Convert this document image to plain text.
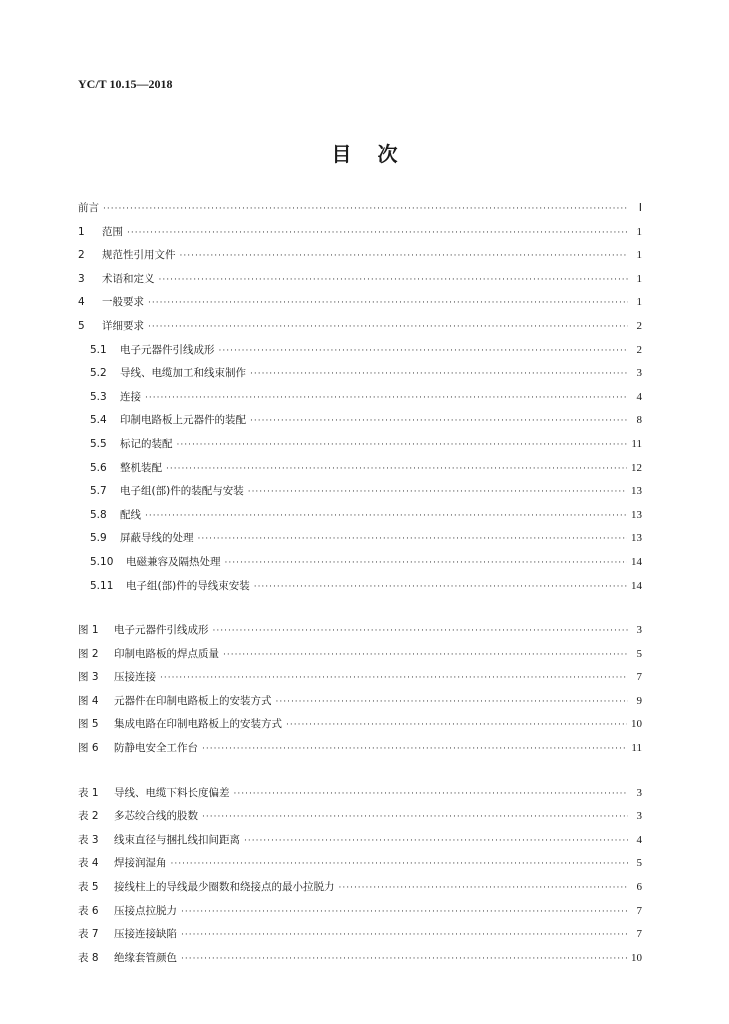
YC/T 10.15—2018
目次
前言 ·····	Ⅰ
1	范围 ·····	1
2	规范性引用文件 ·····	1
3	术语和定义 ·····	1
4	一般要求 ·····	1
5	详细要求 ·····	2
5.1	电子元器件引线成形 ·····	2
5.2	导线、电缆加工和线束制作 ·····	3
5.3	连接 ·····	4
5.4	印制电路板上元器件的装配 ·····	8
5.5	标记的装配 ·····	11
5.6	整机装配 ·····	12
5.7	电子组(部)件的装配与安装 ·····	13
5.8	配线 ·····	13
5.9	屏蔽导线的处理 ·····	13
5.10	电磁兼容及隔热处理 ·····	14
5.11	电子组(部)件的导线束安装 ·····	14
图 1	电子元器件引线成形 ·····	3
图 2	印制电路板的焊点质量 ·····	5
图 3	压接连接 ·····	7
图 4	元器件在印制电路板上的安装方式 ·····	9
图 5	集成电路在印制电路板上的安装方式 ·····	10
图 6	防静电安全工作台 ·····	11
表 1	导线、电缆下料长度偏差 ·····	3
表 2	多芯绞合线的股数 ·····	3
表 3	线束直径与捆扎线扣间距离 ·····	4
表 4	焊接润湿角 ·····	5
表 5	接线柱上的导线最少圈数和绕接点的最小拉脱力 ·····	6
表 6	压接点拉脱力 ·····	7
表 7	压接连接缺陷 ·····	7
表 8	绝缘套管颜色 ·····	10
